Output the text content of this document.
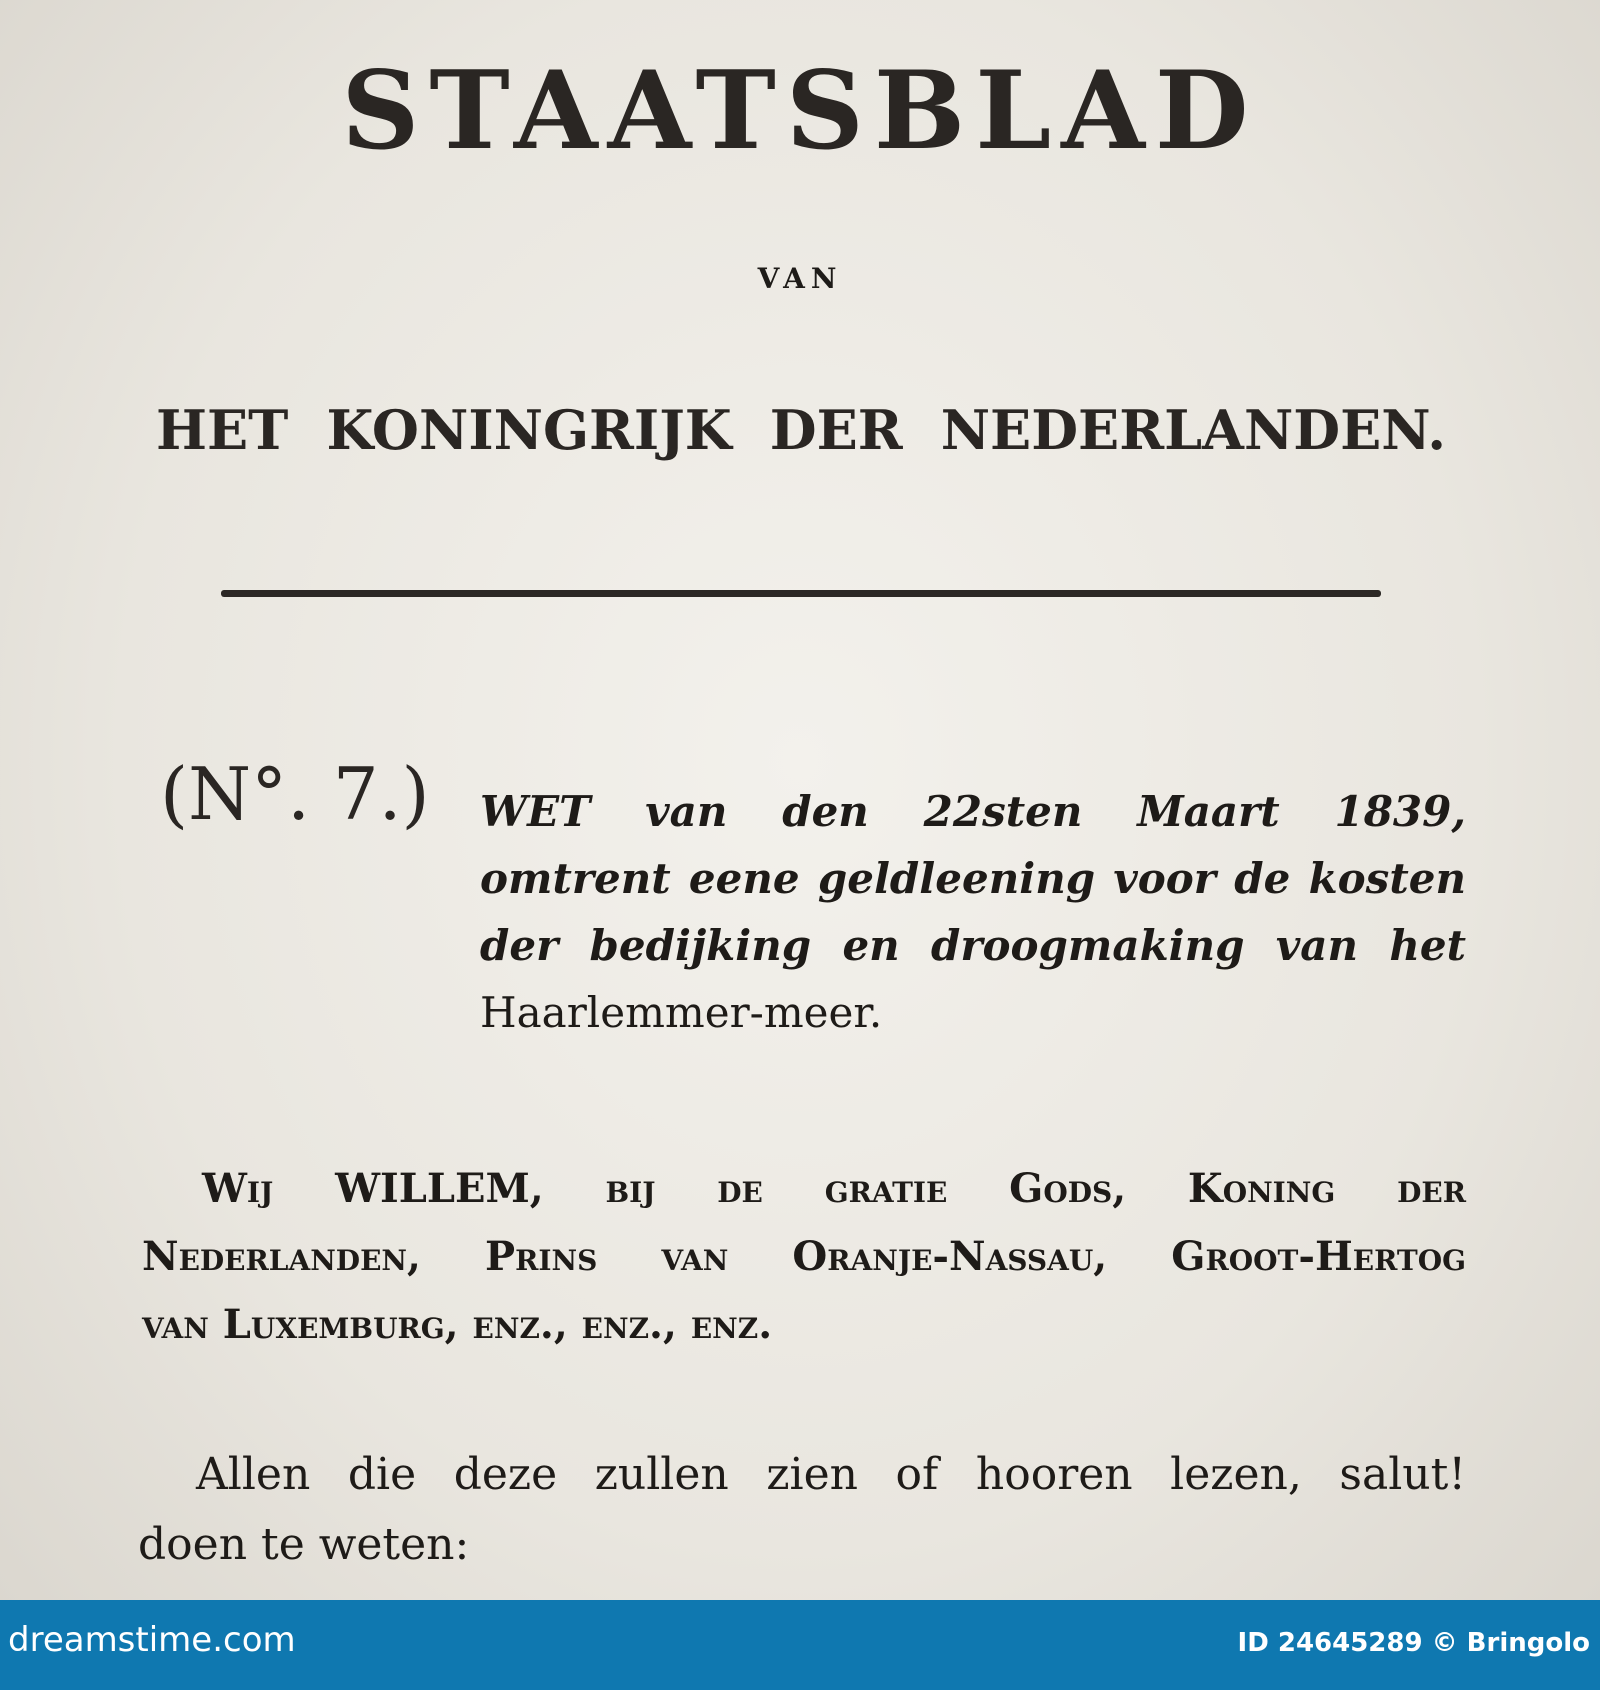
STAATSBLAD
VAN
HET KONINGRIJK DER NEDERLANDEN.
(N°. 7.) WET van den 22sten Maart 1839,
omtrent eene geldleening voor de kosten
der bedijking en droogmaking van het
Haarlemmer-meer.
Wij WILLEM, bij de gratie Gods, Koning der
Nederlanden, Prins van Oranje-Nassau, Groot-Hertog
van Luxemburg, enz., enz., enz.
Allen die deze zullen zien of hooren lezen, salut!
doen te weten:
dreamstime.com	ID 24645289 © Bringolo
